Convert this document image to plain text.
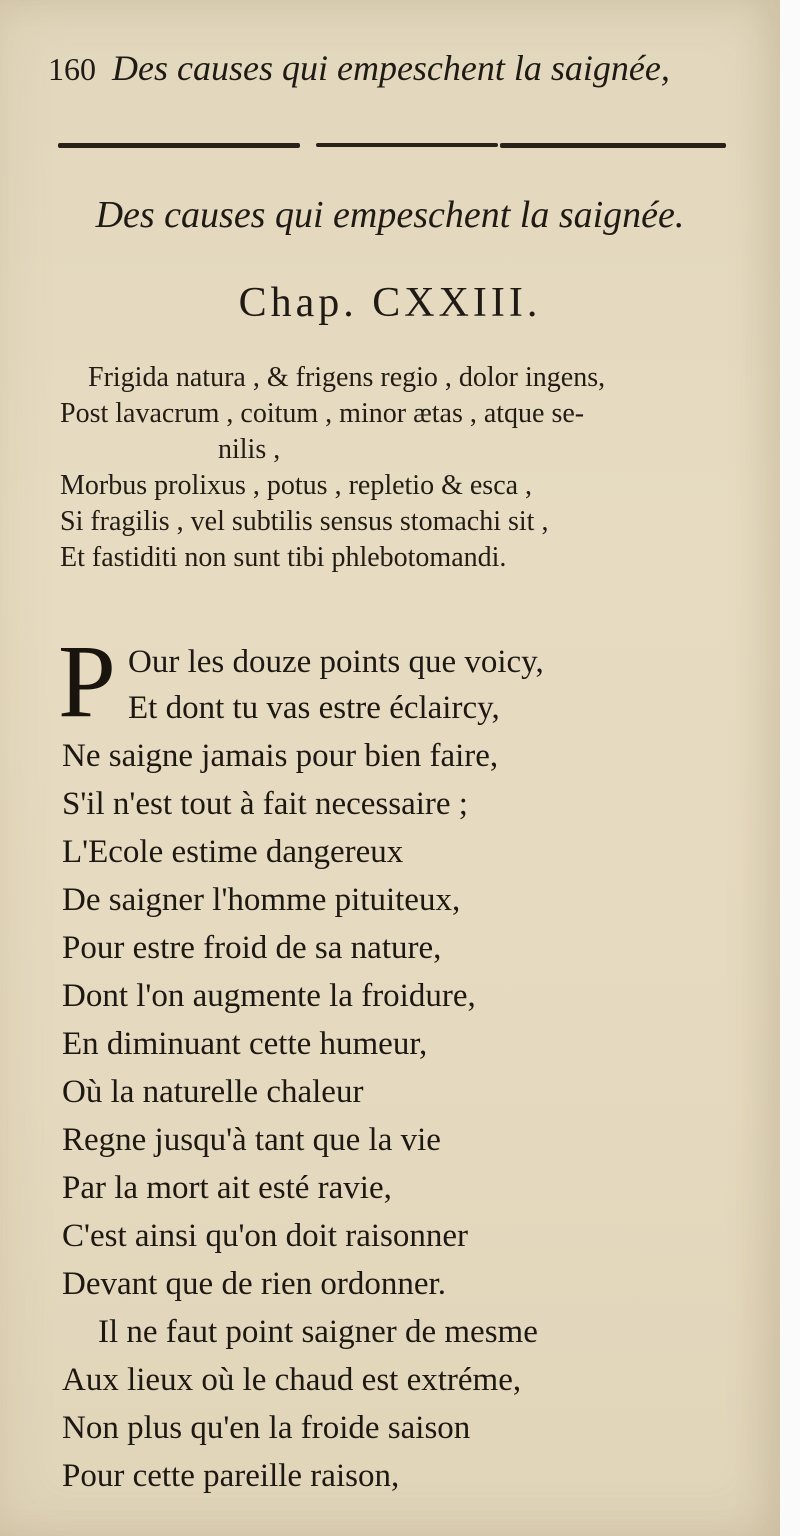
160 Des causes qui empeschent la saignée,
Des causes qui empeschent la saignée.
Chap. CXXIII.
Frigida natura , & frigens regio , dolor ingens,
Post lavacrum , coitum , minor ætas , atque se-
nilis ,
Morbus prolixus , potus , repletio & esca ,
Si fragilis , vel subtilis sensus stomachi sit ,
Et fastiditi non sunt tibi phlebotomandi.
P Our les douze points que voicy,
Et dont tu vas estre éclaircy,
Ne saigne jamais pour bien faire,
S'il n'est tout à fait necessaire ;
L'Ecole estime dangereux
De saigner l'homme pituiteux,
Pour estre froid de sa nature,
Dont l'on augmente la froidure,
En diminuant cette humeur,
Où la naturelle chaleur
Regne jusqu'à tant que la vie
Par la mort ait esté ravie,
C'est ainsi qu'on doit raisonner
Devant que de rien ordonner.
Il ne faut point saigner de mesme
Aux lieux où le chaud est extréme,
Non plus qu'en la froide saison
Pour cette pareille raison,
